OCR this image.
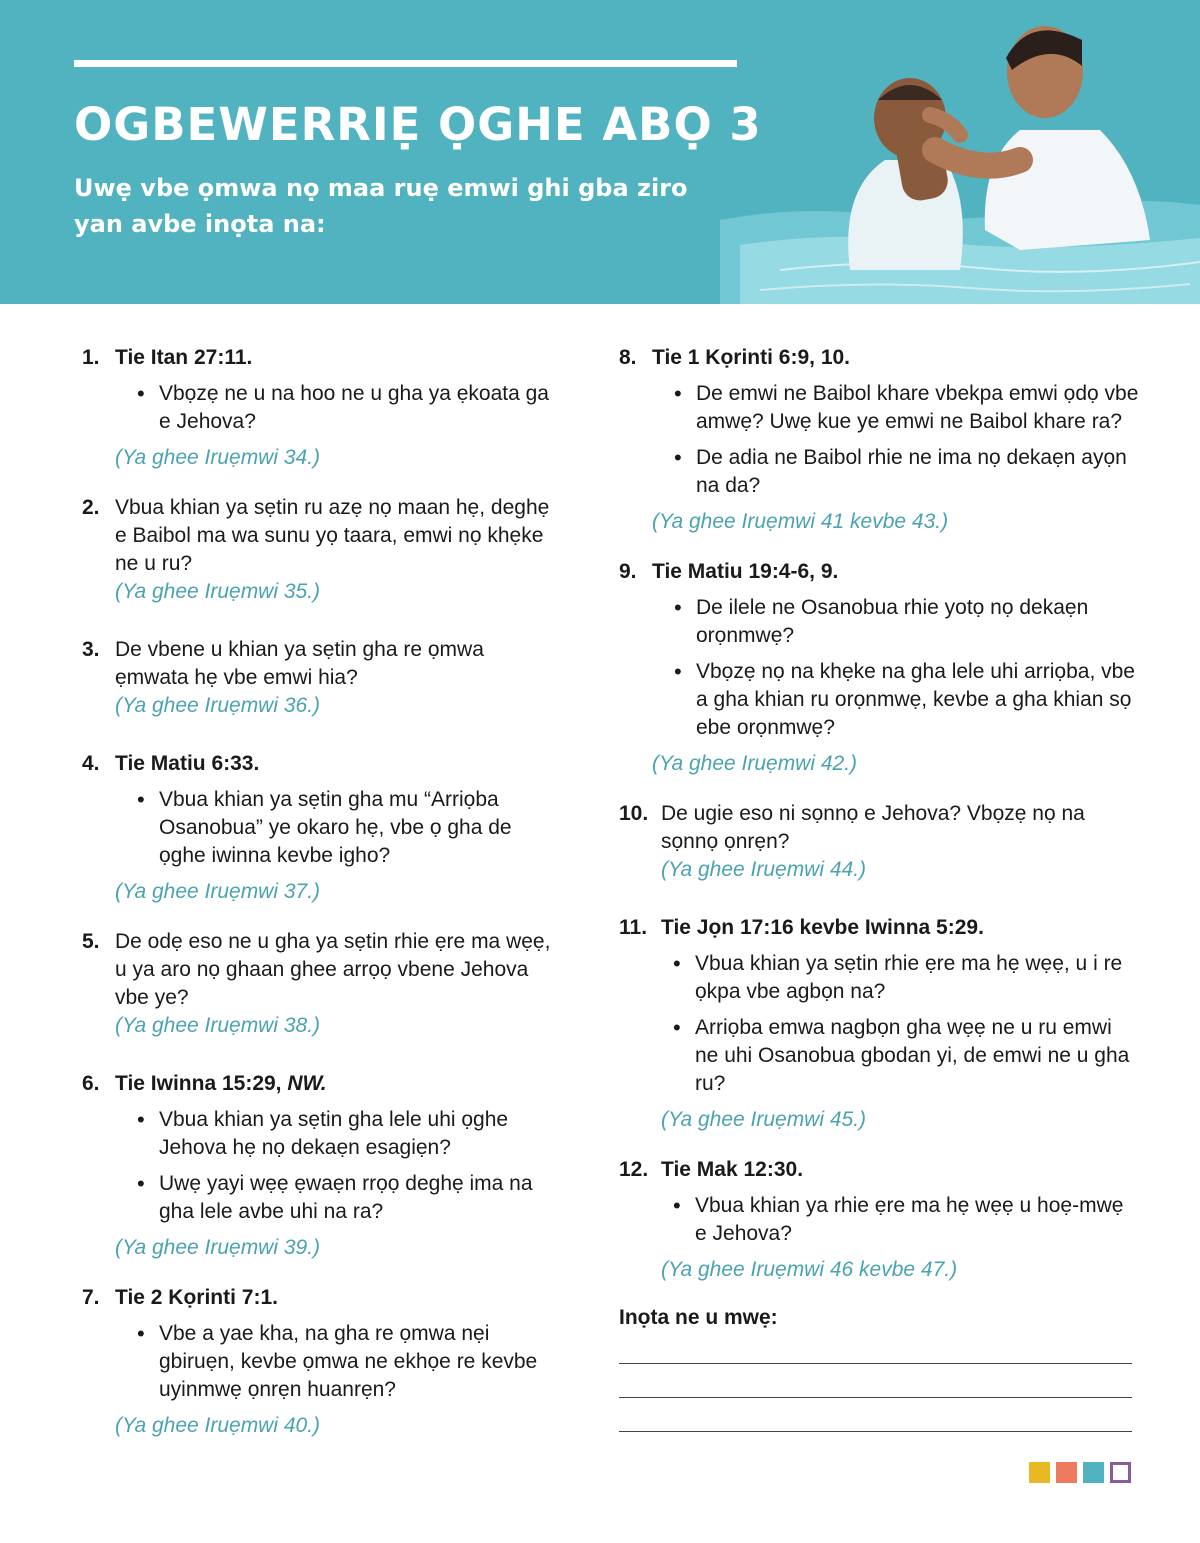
OGBEWERRIẸ ỌGHE ABỌ 3

Uwẹ vbe ọmwa nọ maa ruẹ emwi ghi gba ziro yan avbe inọta na:

1. Tie Itan 27:11.
• Vbọzẹ ne u na hoo ne u gha ya ẹkoata ga e Jehova?
(Ya ghee Iruẹmwi 34.)
2. Vbua khian ya sẹtin ru azẹ nọ maan hẹ, deghẹ e Baibol ma wa sunu yọ taara, emwi nọ khẹke ne u ru?
(Ya ghee Iruẹmwi 35.)
3. De vbene u khian ya sẹtin gha re ọmwa ẹmwata hẹ vbe emwi hia?
(Ya ghee Iruẹmwi 36.)
4. Tie Matiu 6:33.
• Vbua khian ya sẹtin gha mu “Arriọba Osanobua” ye okaro hẹ, vbe ọ gha de ọghe iwinna kevbe igho?
(Ya ghee Iruẹmwi 37.)
5. De odẹ eso ne u gha ya sẹtin rhie ẹre ma wẹẹ, u ya aro nọ ghaan ghee arrọọ vbene Jehova vbe ye?
(Ya ghee Iruẹmwi 38.)
6. Tie Iwinna 15:29, NW.
• Vbua khian ya sẹtin gha lele uhi ọghe Jehova hẹ nọ dekaẹn esagiẹn?
• Uwẹ yayi wẹẹ ẹwaẹn rrọọ deghẹ ima na gha lele avbe uhi na ra?
(Ya ghee Iruẹmwi 39.)
7. Tie 2 Kọrinti 7:1.
• Vbe a yae kha, na gha re ọmwa nẹi gbiruẹn, kevbe ọmwa ne ekhọe re kevbe uyinmwẹ ọnrẹn huanrẹn?
(Ya ghee Iruẹmwi 40.)
8. Tie 1 Kọrinti 6:9, 10.
• De emwi ne Baibol khare vbekpa emwi ọdọ vbe amwẹ? Uwẹ kue ye emwi ne Baibol khare ra?
• De adia ne Baibol rhie ne ima nọ dekaẹn ayọn na da?
(Ya ghee Iruẹmwi 41 kevbe 43.)
9. Tie Matiu 19:4-6, 9.
• De ilele ne Osanobua rhie yotọ nọ dekaẹn orọnmwẹ?
• Vbọzẹ nọ na khẹke na gha lele uhi arriọba, vbe a gha khian ru orọnmwẹ, kevbe a gha khian sọ ebe orọnmwẹ?
(Ya ghee Iruẹmwi 42.)
10. De ugie eso ni sọnnọ e Jehova? Vbọzẹ nọ na sọnnọ ọnrẹn?
(Ya ghee Iruẹmwi 44.)
11. Tie Jọn 17:16 kevbe Iwinna 5:29.
• Vbua khian ya sẹtin rhie ẹre ma hẹ wẹẹ, u i re ọkpa vbe agbọn na?
• Arriọba emwa nagbọn gha wẹẹ ne u ru emwi ne uhi Osanobua gbodan yi, de emwi ne u gha ru?
(Ya ghee Iruẹmwi 45.)
12. Tie Mak 12:30.
• Vbua khian ya rhie ẹre ma hẹ wẹẹ u hoẹ-mwẹ e Jehova?
(Ya ghee Iruẹmwi 46 kevbe 47.)
Inọta ne u mwẹ:
